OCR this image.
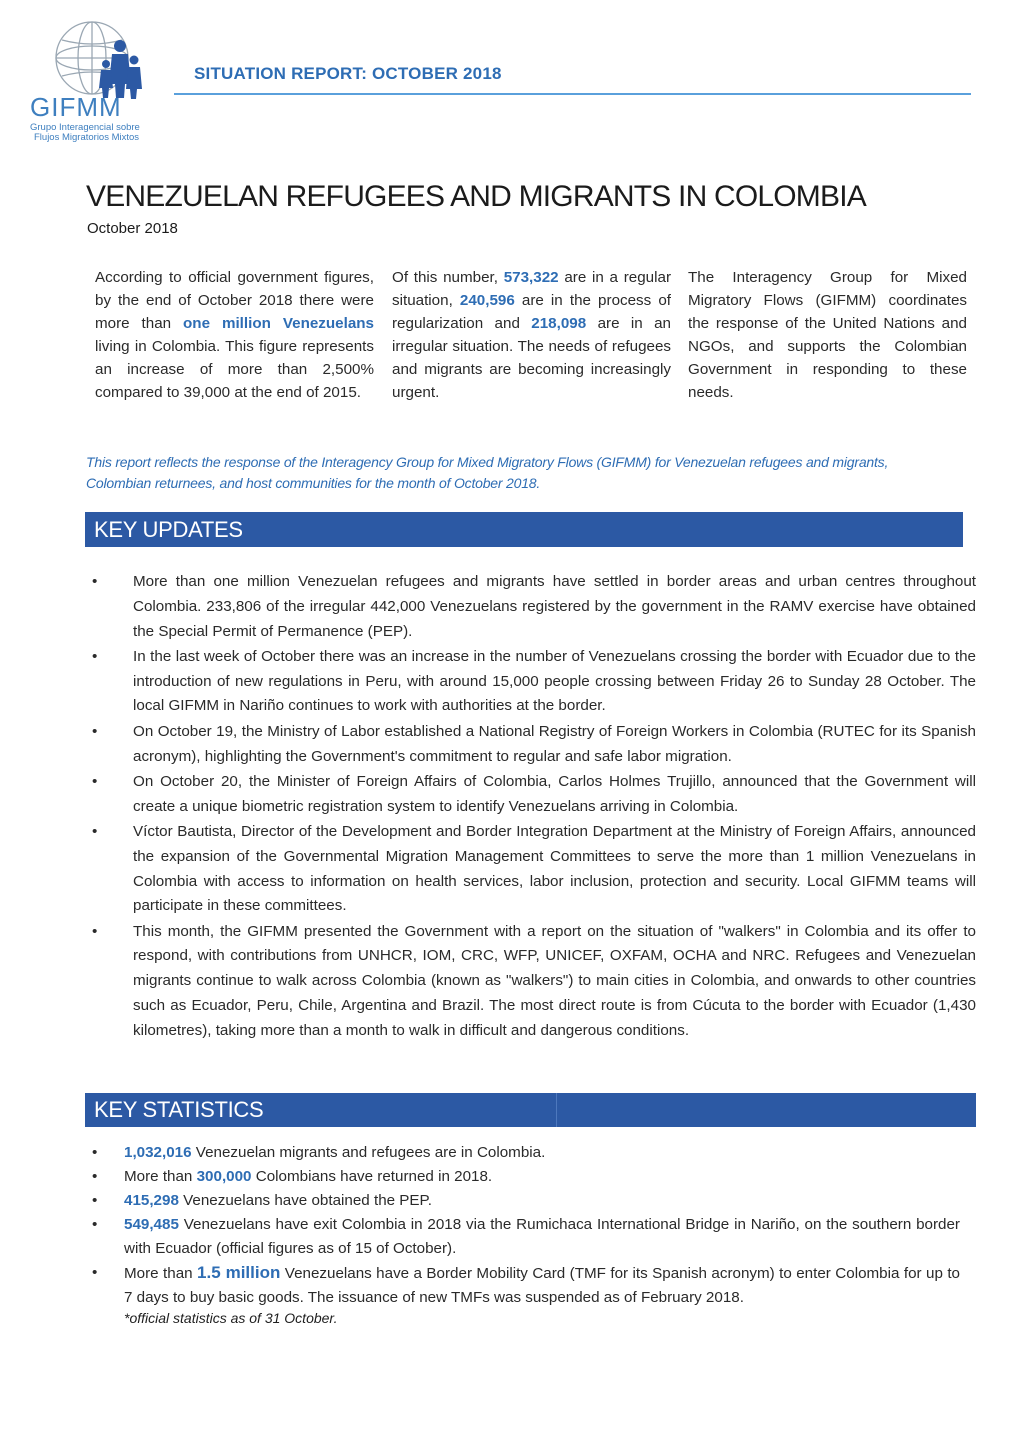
GIFMM
Grupo Interagencial sobre
Flujos Migratorios Mixtos
SITUATION REPORT: OCTOBER 2018
VENEZUELAN REFUGEES AND MIGRANTS IN COLOMBIA
October 2018
According to official government figures, by the end of October 2018 there were more than one million Venezuelans living in Colombia. This figure represents an increase of more than 2,500% compared to 39,000 at the end of 2015.
Of this number, 573,322 are in a regular situation, 240,596 are in the process of regularization and 218,098 are in an irregular situation. The needs of refugees and migrants are becoming increasingly urgent.
The Interagency Group for Mixed Migratory Flows (GIFMM) coordinates the response of the United Nations and NGOs, and supports the Colombian Government in responding to these needs.
This report reflects the response of the Interagency Group for Mixed Migratory Flows (GIFMM) for Venezuelan refugees and migrants, Colombian returnees, and host communities for the month of October 2018.
KEY UPDATES
• More than one million Venezuelan refugees and migrants have settled in border areas and urban centres throughout Colombia. 233,806 of the irregular 442,000 Venezuelans registered by the government in the RAMV exercise have obtained the Special Permit of Permanence (PEP).
• In the last week of October there was an increase in the number of Venezuelans crossing the border with Ecuador due to the introduction of new regulations in Peru, with around 15,000 people crossing between Friday 26 to Sunday 28 October. The local GIFMM in Nariño continues to work with authorities at the border.
• On October 19, the Ministry of Labor established a National Registry of Foreign Workers in Colombia (RUTEC for its Spanish acronym), highlighting the Government's commitment to regular and safe labor migration.
• On October 20, the Minister of Foreign Affairs of Colombia, Carlos Holmes Trujillo, announced that the Government will create a unique biometric registration system to identify Venezuelans arriving in Colombia.
• Víctor Bautista, Director of the Development and Border Integration Department at the Ministry of Foreign Affairs, announced the expansion of the Governmental Migration Management Committees to serve the more than 1 million Venezuelans in Colombia with access to information on health services, labor inclusion, protection and security. Local GIFMM teams will participate in these committees.
• This month, the GIFMM presented the Government with a report on the situation of "walkers" in Colombia and its offer to respond, with contributions from UNHCR, IOM, CRC, WFP, UNICEF, OXFAM, OCHA and NRC. Refugees and Venezuelan migrants continue to walk across Colombia (known as "walkers") to main cities in Colombia, and onwards to other countries such as Ecuador, Peru, Chile, Argentina and Brazil. The most direct route is from Cúcuta to the border with Ecuador (1,430 kilometres), taking more than a month to walk in difficult and dangerous conditions.
KEY STATISTICS
• 1,032,016 Venezuelan migrants and refugees are in Colombia.
• More than 300,000 Colombians have returned in 2018.
• 415,298 Venezuelans have obtained the PEP.
• 549,485 Venezuelans have exit Colombia in 2018 via the Rumichaca International Bridge in Nariño, on the southern border with Ecuador (official figures as of 15 of October).
• More than 1.5 million Venezuelans have a Border Mobility Card (TMF for its Spanish acronym) to enter Colombia for up to 7 days to buy basic goods. The issuance of new TMFs was suspended as of February 2018.
*official statistics as of 31 October.
